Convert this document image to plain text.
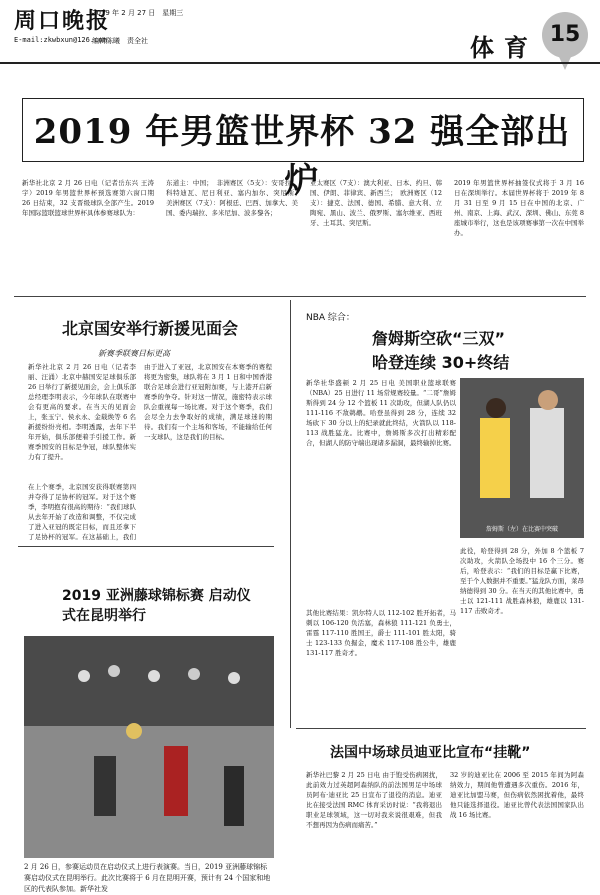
周口晚报
2019 年 2 月 27 日　星期三
E-mail:zkwbxun@126.com
编辑陈曦　责全社	体育 15
2019 年男篮世界杯 32 强全部出炉
新华社北京 2 月 26 日电（记者岳东兴 王涛宇）2019 年男篮世界杯预选赛第六窗口期 26 日结束，32 支晋级球队全部产生。2019 年国际篮联篮球世界杯具体参赛球队为：
东道主：中国；　非洲赛区（5支）：安哥拉、科特迪瓦、尼日利亚、塞内加尔、突尼斯；　美洲赛区（7支）：阿根廷、巴西、加拿大、美国、委内瑞拉、多米尼加、波多黎各；
亚太赛区（7支）：澳大利亚、日本、约旦、韩国、伊朗、菲律宾、新西兰；　欧洲赛区（12 支）：捷克、法国、德国、希腊、意大利、立陶宛、黑山、波兰、俄罗斯、塞尔维亚、西班牙、土耳其、突尼斯。
2019 年男篮世界杯抽签仪式将于 3 月 16 日在深圳举行。本届世界杯将于 2019 年 8 月 31 日至 9 月 15 日在中国的北京、广州、南京、上海、武汉、深圳、佛山、东莞 8 座城市举行，这也是该项赛事第一次在中国举办。
北京国安举行新援见面会
新赛季联赛目标更高
新华社北京 2 月 26 日电（记者李丽、汪涌）北京中赫国安足球俱乐部 26 日举行了新援见面会，会上俱乐部总经理李明表示，今年球队在联赛中会有更高的要求。在当天的见面会上，张玉宁、侯永永、金载焕等 6 名新援纷纷亮相。李明透露，去年下半年开始，俱乐部便着手引援工作。新赛季国安的目标是争冠，球队整体实力有了提升。
在上个赛季，北京国安获得联赛第四并夺得了足协杯的冠军。对于这个赛季，李明抱有很高的期待：“我们球队从去年开始了改造和调整，不仅完成了进入亚冠的既定目标，而且还拿下了足协杯的冠军。在这基础上，我们
由于进入了亚冠，北京国安在本赛季的赛程将更为密集，球队将在 3 月 1 日和中国香港联合足球会进行亚冠附加赛，与上港开启新赛季的争夺。针对这一情况，施密特表示球队会重视每一场比赛。对于这个赛季，我们会尽全力去争取好的成绩，满足球迷的期待。我们有一个主场和客场，不能输给任何一支球队，这是我们的目标。
2019 亚洲藤球锦标赛 启动仪式在昆明举行
2 月 26 日，参赛运动员在启动仪式上进行表演赛。当日，2019 亚洲藤球锦标赛启动仪式在昆明举行。此次比赛将于 6 月在昆明开赛，预计有 24 个国家和地区的代表队参加。新华社发
NBA 综合：
詹姆斯空砍“三双”
哈登连续 30+终结
新华社华盛顿 2 月 25 日电 美国职业篮球联赛（NBA）25 日进行 11 场常规赛较量。“二哥”詹姆斯得到 24 分 12 个篮板 11 次助攻，但湖人队仍以 111-116 不敌鹈鹕。哈登虽得到 28 分，连续 32 场砍下 30 分以上的纪录就此终结，火箭队以 118-113 战胜猛龙。比赛中，詹姆斯多次打出精彩配合，但湖人的防守端出现诸多漏洞，最终输掉比赛。
詹姆斯（左）在比赛中突破
此役，哈登得到 28 分，外加 8 个篮板 7 次助攻，火箭队全场投中 16 个三分。赛后，哈登表示：“我们的目标是赢下比赛，至于个人数据并不重要。”猛龙队方面，莱昂纳德得到 30 分。在当天的其他比赛中，勇士以 121-111 战胜森林狼，雄鹿以 131-117 击败奇才。
其他比赛结果：凯尔特人以 112-102 胜开拓者，马刺以 106-120 负活塞，森林狼 111-121 负勇士，雷霆 117-110 胜国王，爵士 111-101 胜太阳，骑士 123-133 负掘金，魔术 117-108 胜公牛，雄鹿 131-117 胜奇才。
法国中场球员迪亚比宣布“挂靴”
新华社巴黎 2 月 25 日电 由于饱受伤病困扰，此前效力过英超阿森纳队的前法国男足中场球员阿布·迪亚比 25 日宣布了退役的消息。迪亚比在接受法国 RMC 体育采访时说：“我将退出职业足球领域，这一切对我来说很艰难，但我不想再因为伤病而痛苦。”
32 岁的迪亚比在 2006 至 2015 年间为阿森纳效力，期间他曾遭遇多次重伤。2016 年，迪亚比加盟马赛，但伤病依然困扰着他，最终他只能选择退役。迪亚比曾代表法国国家队出战 16 场比赛。
